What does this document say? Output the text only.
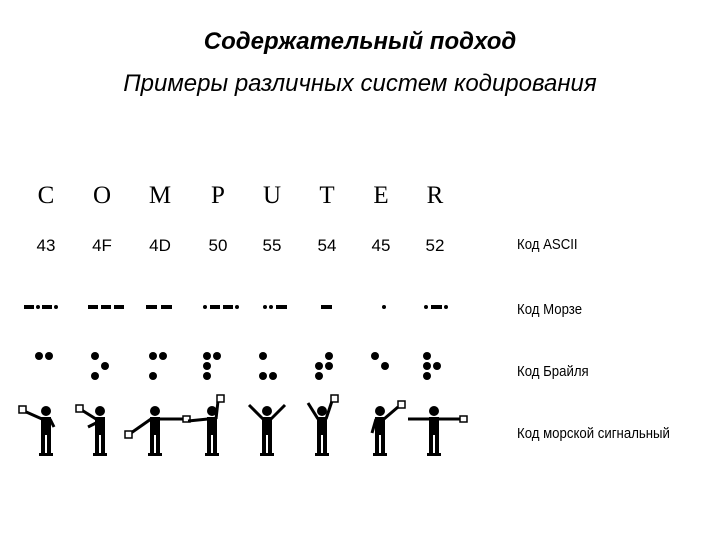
Содержательный подход
Примеры различных систем кодирования
C	O	M	P	U	T	E	R
43	4F	4D	50	55	54	45	52	Код ASCII
Код Морзе
Код Брайля
Код морской сигнальный
